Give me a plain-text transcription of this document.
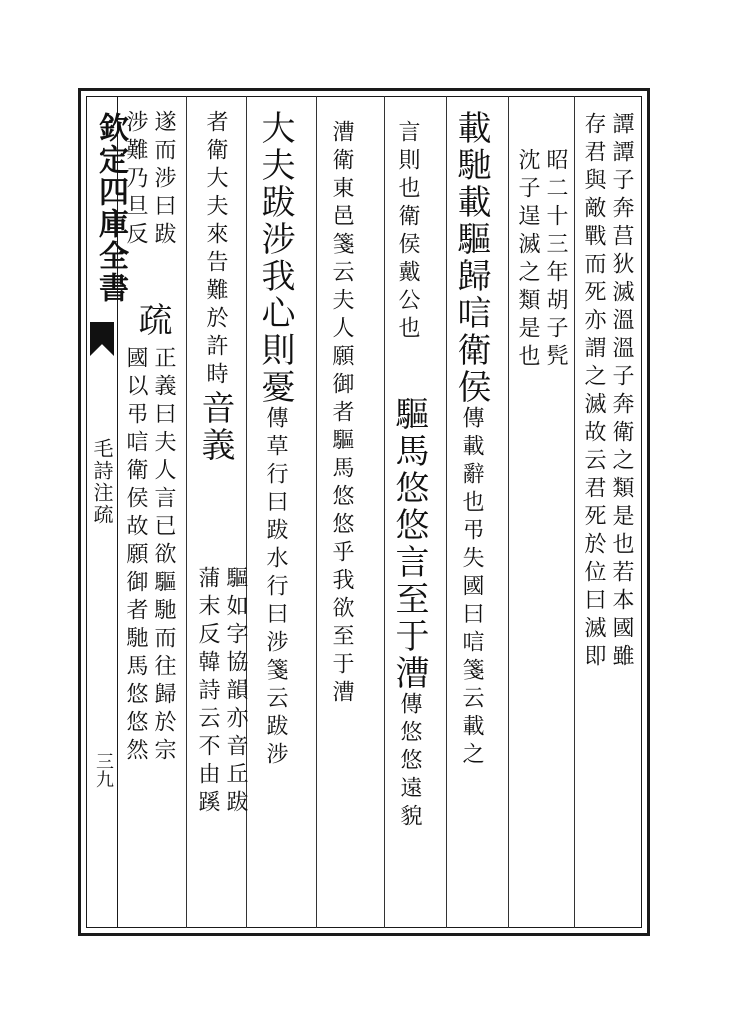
欽定四庫全書
毛詩注疏
三九
譚譚子奔莒狄滅溫溫子奔衛之類是也若本國雖
存君與敵戰而死亦謂之滅故云君死於位曰滅即
昭二十三年胡子髠
沈子逞滅之類是也
載馳載驅歸唁衛侯傳載辭也弔失國曰唁箋云載之
言則也衛侯戴公也
驅馬悠悠言至于漕傳悠悠遠貌
漕衛東邑箋云夫人願御者驅馬悠悠乎我欲至于漕
大夫跋涉我心則憂傳草行曰跋水行曰涉箋云跋涉
者衛大夫來告難於許時音義
驅如字協韻亦音丘跋
蒲末反韓詩云不由蹊
遂而涉曰跋
涉難乃旦反
疏
正義曰夫人言已欲驅馳而往歸於宗
國以弔唁衛侯故願御者馳馬悠悠然
